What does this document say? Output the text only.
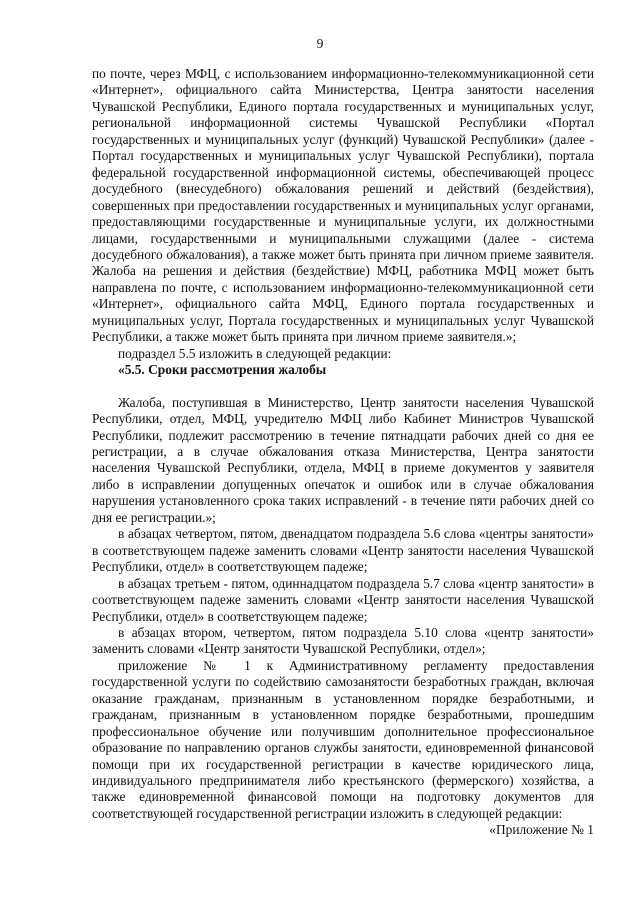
9

по почте, через МФЦ, с использованием информационно-телекоммуникационной сети «Интернет», официального сайта Министерства, Центра занятости населения Чувашской Республики, Единого портала государственных и муниципальных услуг, региональной информационной системы Чувашской Республики «Портал государственных и муниципальных услуг (функций) Чувашской Республики» (далее - Портал государственных и муниципальных услуг Чувашской Республики), портала федеральной государственной информационной системы, обеспечивающей процесс досудебного (внесудебного) обжалования решений и действий (бездействия), совершенных при предоставлении государственных и муниципальных услуг органами, предоставляющими государственные и муниципальные услуги, их должностными лицами, государственными и муниципальными служащими (далее - система досудебного обжалования), а также может быть принята при личном приеме заявителя. Жалоба на решения и действия (бездействие) МФЦ, работника МФЦ может быть направлена по почте, с использованием информационно-телекоммуникационной сети «Интернет», официального сайта МФЦ, Единого портала государственных и муниципальных услуг, Портала государственных и муниципальных услуг Чувашской Республики, а также может быть принята при личном приеме заявителя.»;

подраздел 5.5 изложить в следующей редакции:

«5.5. Сроки рассмотрения жалобы

Жалоба, поступившая в Министерство, Центр занятости населения Чувашской Республики, отдел, МФЦ, учредителю МФЦ либо Кабинет Министров Чувашской Республики, подлежит рассмотрению в течение пятнадцати рабочих дней со дня ее регистрации, а в случае обжалования отказа Министерства, Центра занятости населения Чувашской Республики, отдела, МФЦ в приеме документов у заявителя либо в исправлении допущенных опечаток и ошибок или в случае обжалования нарушения установленного срока таких исправлений - в течение пяти рабочих дней со дня ее регистрации.»;

в абзацах четвертом, пятом, двенадцатом подраздела 5.6 слова «центры занятости» в соответствующем падеже заменить словами «Центр занятости населения Чувашской Республики, отдел» в соответствующем падеже;

в абзацах третьем - пятом, одиннадцатом подраздела 5.7 слова «центр занятости» в соответствующем падеже заменить словами «Центр занятости населения Чувашской Республики, отдел» в соответствующем падеже;

в абзацах втором, четвертом, пятом подраздела 5.10 слова «центр занятости» заменить словами «Центр занятости Чувашской Республики, отдел»;

приложение № 1 к Административному регламенту предоставления государственной услуги по содействию самозанятости безработных граждан, включая оказание гражданам, признанным в установленном порядке безработными, и гражданам, признанным в установленном порядке безработными, прошедшим профессиональное обучение или получившим дополнительное профессиональное образование по направлению органов службы занятости, единовременной финансовой помощи при их государственной регистрации в качестве юридического лица, индивидуального предпринимателя либо крестьянского (фермерского) хозяйства, а также единовременной финансовой помощи на подготовку документов для соответствующей государственной регистрации изложить в следующей редакции:

«Приложение № 1
